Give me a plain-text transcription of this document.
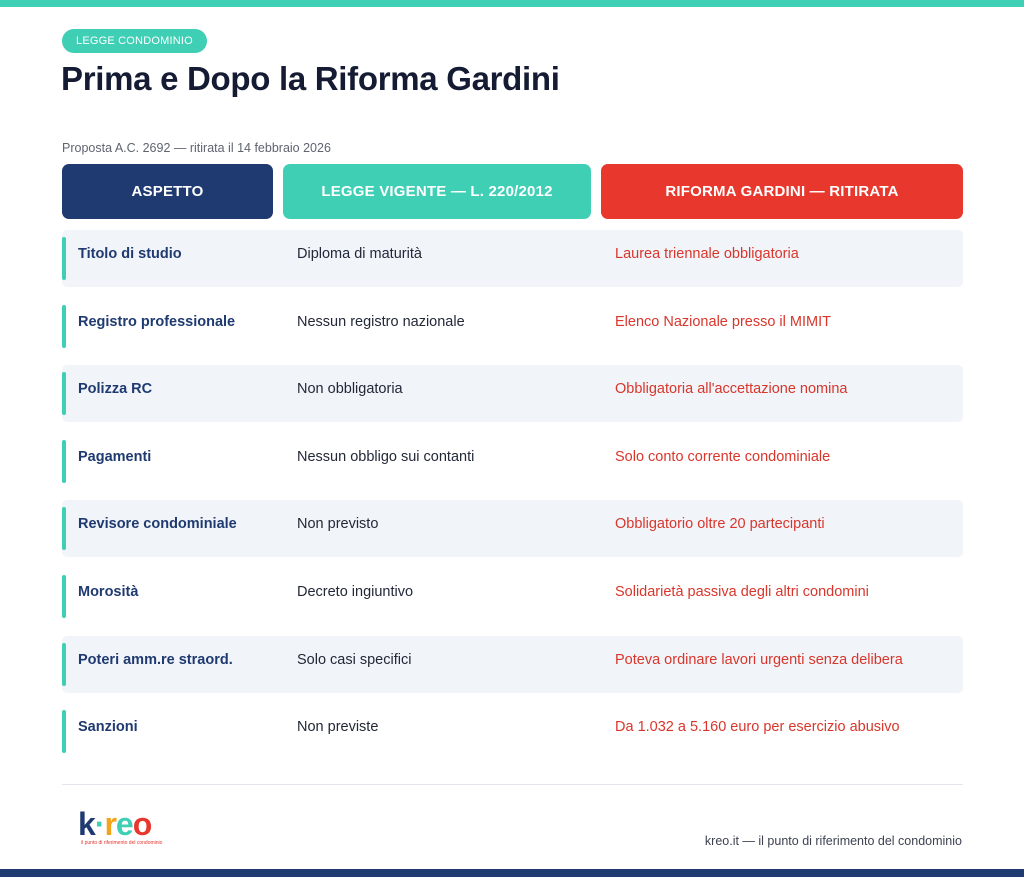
LEGGE CONDOMINIO
Prima e Dopo la Riforma Gardini
Proposta A.C. 2692 — ritirata il 14 febbraio 2026
ASPETTO	LEGGE VIGENTE — L. 220/2012	RIFORMA GARDINI — RITIRATA
Titolo di studio	Diploma di maturità	Laurea triennale obbligatoria
Registro professionale	Nessun registro nazionale	Elenco Nazionale presso il MIMIT
Polizza RC	Non obbligatoria	Obbligatoria all'accettazione nomina
Pagamenti	Nessun obbligo sui contanti	Solo conto corrente condominiale
Revisore condominiale	Non previsto	Obbligatorio oltre 20 partecipanti
Morosità	Decreto ingiuntivo	Solidarietà passiva degli altri condomini
Poteri amm.re straord.	Solo casi specifici	Poteva ordinare lavori urgenti senza delibera
Sanzioni	Non previste	Da 1.032 a 5.160 euro per esercizio abusivo
k·reo
il punto di riferimento del condominio	kreo.it — il punto di riferimento del condominio
